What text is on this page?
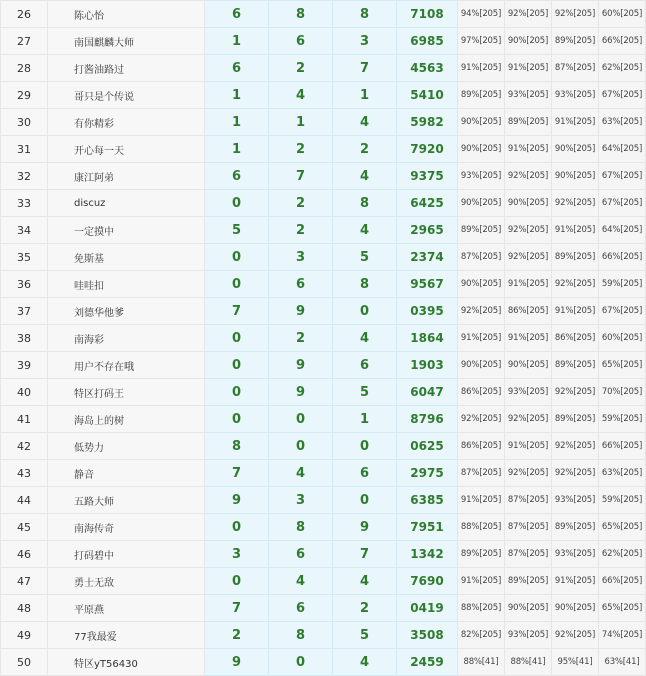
26	陈心怡	6	8	8	7108	94%[205]	92%[205]	92%[205]	60%[205]
27	南国麒麟大师	1	6	3	6985	97%[205]	90%[205]	89%[205]	66%[205]
28	打酱油路过	6	2	7	4563	91%[205]	91%[205]	87%[205]	62%[205]
29	哥只是个传说	1	4	1	5410	89%[205]	93%[205]	93%[205]	67%[205]
30	有你精彩	1	1	4	5982	90%[205]	89%[205]	91%[205]	63%[205]
31	开心每一天	1	2	2	7920	90%[205]	91%[205]	90%[205]	64%[205]
32	康江阿弟	6	7	4	9375	93%[205]	92%[205]	90%[205]	67%[205]
33	discuz	0	2	8	6425	90%[205]	90%[205]	92%[205]	67%[205]
34	一定摸中	5	2	4	2965	89%[205]	92%[205]	91%[205]	64%[205]
35	免斯基	0	3	5	2374	87%[205]	92%[205]	89%[205]	66%[205]
36	哇哇扣	0	6	8	9567	90%[205]	91%[205]	92%[205]	59%[205]
37	刘德华他爹	7	9	0	0395	92%[205]	86%[205]	91%[205]	67%[205]
38	南海彩	0	2	4	1864	91%[205]	91%[205]	86%[205]	60%[205]
39	用户不存在哦	0	9	6	1903	90%[205]	90%[205]	89%[205]	65%[205]
40	特区打码王	0	9	5	6047	86%[205]	93%[205]	92%[205]	70%[205]
41	海岛上的树	0	0	1	8796	92%[205]	92%[205]	89%[205]	59%[205]
42	低势力	8	0	0	0625	86%[205]	91%[205]	92%[205]	66%[205]
43	静音	7	4	6	2975	87%[205]	92%[205]	92%[205]	63%[205]
44	五路大师	9	3	0	6385	91%[205]	87%[205]	93%[205]	59%[205]
45	南海传奇	0	8	9	7951	88%[205]	87%[205]	89%[205]	65%[205]
46	打码碧中	3	6	7	1342	89%[205]	87%[205]	93%[205]	62%[205]
47	勇士无敌	0	4	4	7690	91%[205]	89%[205]	91%[205]	66%[205]
48	平原燕	7	6	2	0419	88%[205]	90%[205]	90%[205]	65%[205]
49	77我最爱	2	8	5	3508	82%[205]	93%[205]	92%[205]	74%[205]
50	特区yT56430	9	0	4	2459	88%[41]	88%[41]	95%[41]	63%[41]
